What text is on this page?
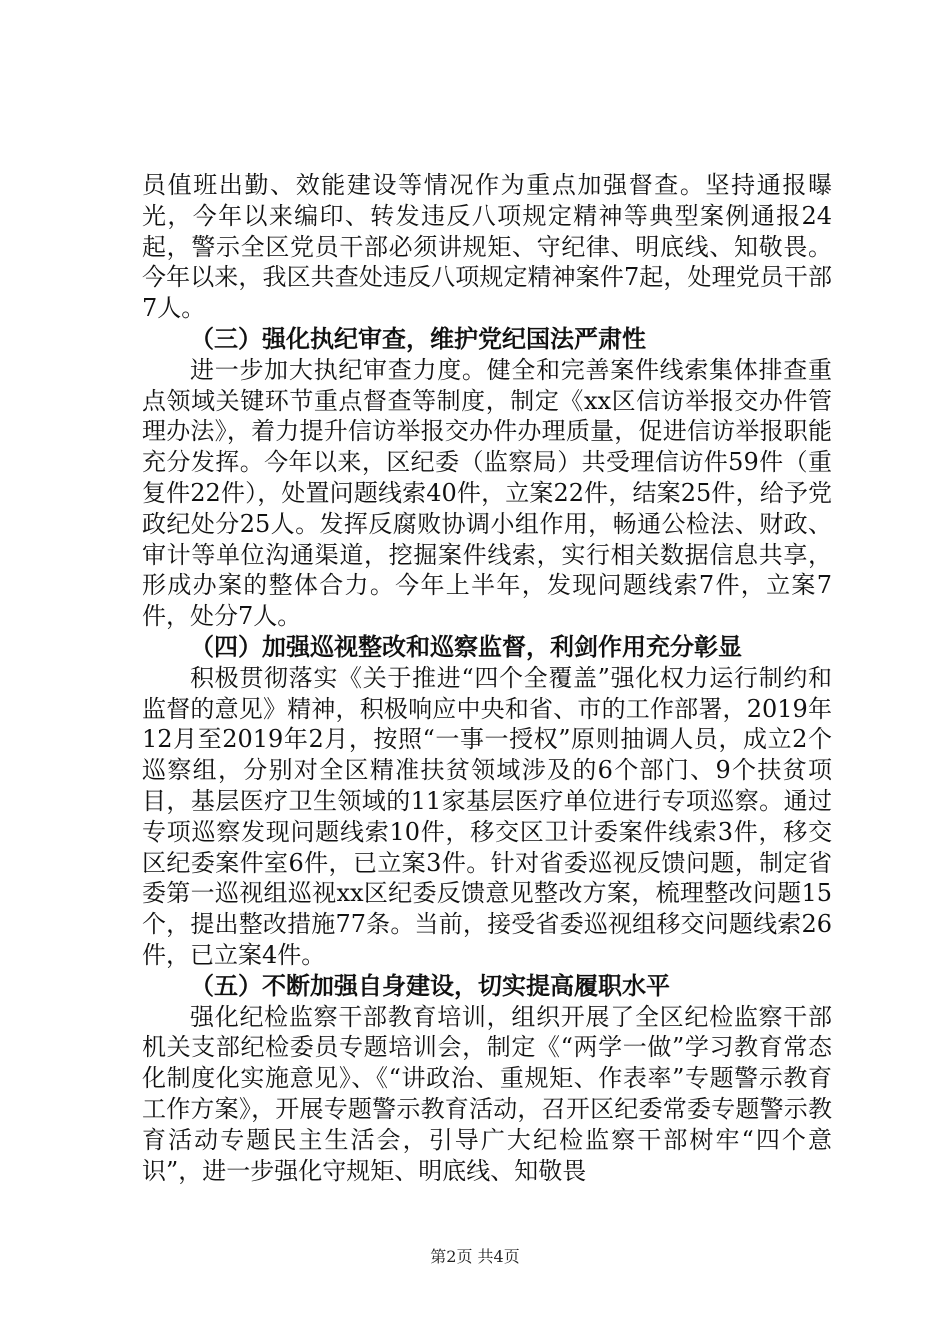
员值班出勤、效能建设等情况作为重点加强督查。坚持通报曝光，今年以来编印、转发违反八项规定精神等典型案例通报24起，警示全区党员干部必须讲规矩、守纪律、明底线、知敬畏。今年以来，我区共查处违反八项规定精神案件7起，处理党员干部7人。

（三）强化执纪审查，维护党纪国法严肃性

进一步加大执纪审查力度。健全和完善案件线索集体排查重点领域关键环节重点督查等制度，制定《xx区信访举报交办件管理办法》，着力提升信访举报交办件办理质量，促进信访举报职能充分发挥。今年以来，区纪委（监察局）共受理信访件59件（重复件22件），处置问题线索40件，立案22件，结案25件，给予党政纪处分25人。发挥反腐败协调小组作用，畅通公检法、财政、审计等单位沟通渠道，挖掘案件线索，实行相关数据信息共享，形成办案的整体合力。今年上半年，发现问题线索7件，立案7件，处分7人。

（四）加强巡视整改和巡察监督，利剑作用充分彰显

积极贯彻落实《关于推进“四个全覆盖”强化权力运行制约和监督的意见》精神，积极响应中央和省、市的工作部署，2019年12月至2019年2月，按照“一事一授权”原则抽调人员，成立2个巡察组，分别对全区精准扶贫领域涉及的6个部门、9个扶贫项目，基层医疗卫生领域的11家基层医疗单位进行专项巡察。通过专项巡察发现问题线索10件，移交区卫计委案件线索3件，移交区纪委案件室6件，已立案3件。针对省委巡视反馈问题，制定省委第一巡视组巡视xx区纪委反馈意见整改方案，梳理整改问题15个，提出整改措施77条。当前，接受省委巡视组移交问题线索26件，已立案4件。

（五）不断加强自身建设，切实提高履职水平

强化纪检监察干部教育培训，组织开展了全区纪检监察干部机关支部纪检委员专题培训会，制定《“两学一做”学习教育常态化制度化实施意见》、《“讲政治、重规矩、作表率”专题警示教育工作方案》，开展专题警示教育活动，召开区纪委常委专题警示教育活动专题民主生活会，引导广大纪检监察干部树牢“四个意识”，进一步强化守规矩、明底线、知敬畏

第2页 共4页
